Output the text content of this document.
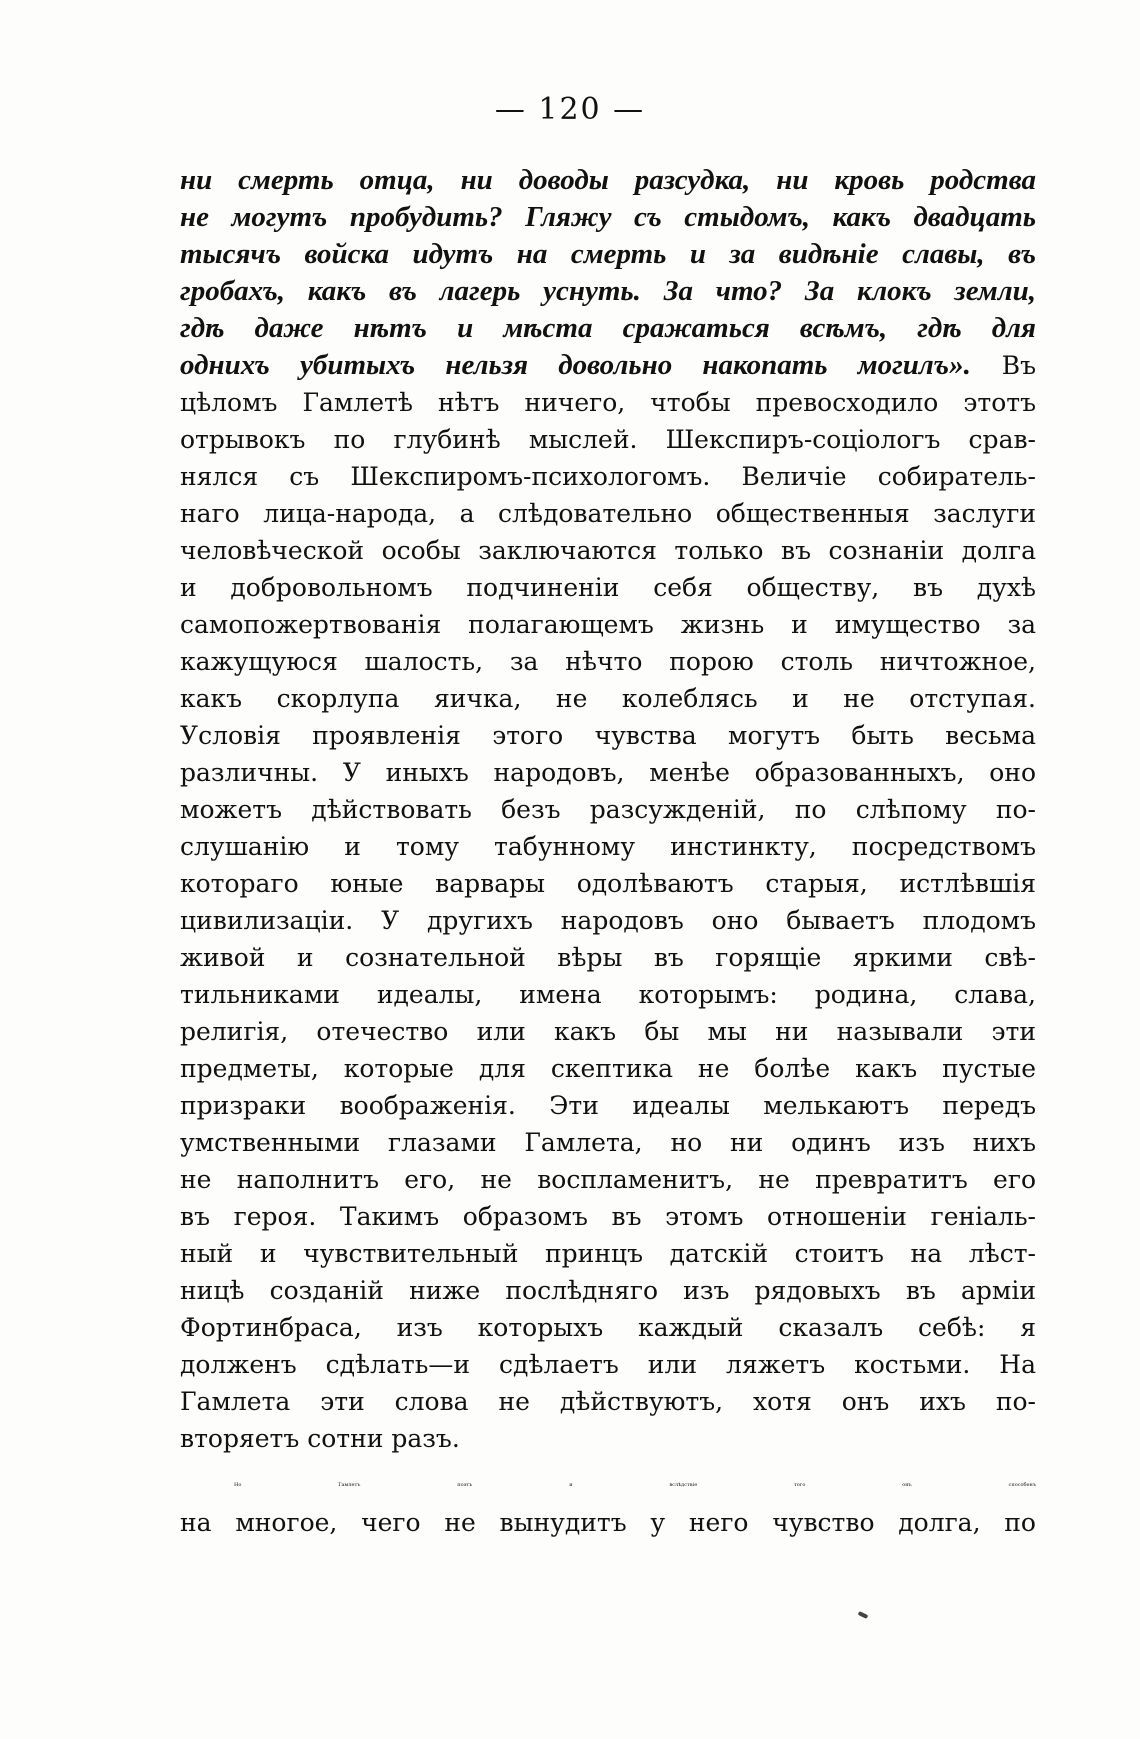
— 120 —
ни смерть отца, ни доводы разсудка, ни кровь родства
не могутъ пробудить? Гляжу съ стыдомъ, какъ двадцать
тысячъ войска идутъ на смерть и за видѣніе славы, въ
гробахъ, какъ въ лагерь уснуть. За что? За клокъ земли,
гдѣ даже нѣтъ и мѣста сражаться всѣмъ, гдѣ для
однихъ убитыхъ нельзя довольно накопать могилъ». Въ
цѣломъ Гамлетѣ нѣтъ ничего, чтобы превосходило этотъ
отрывокъ по глубинѣ мыслей. Шекспиръ-соціологъ срав-
нялся съ Шекспиромъ-психологомъ. Величіе собиратель-
наго лица-народа, а слѣдовательно общественныя заслуги
человѣческой особы заключаются только въ сознаніи долга
и добровольномъ подчиненіи себя обществу, въ духѣ
самопожертвованія полагающемъ жизнь и имущество за
кажущуюся шалость, за нѣчто порою столь ничтожное,
какъ скорлупа яичка, не колеблясь и не отступая.
Условія проявленія этого чувства могутъ быть весьма
различны. У иныхъ народовъ, менѣе образованныхъ, оно
можетъ дѣйствовать безъ разсужденій, по слѣпому по-
слушанію и тому табунному инстинкту, посредствомъ
котораго юные варвары одолѣваютъ старыя, истлѣвшія
цивилизаціи. У другихъ народовъ оно бываетъ плодомъ
живой и сознательной вѣры въ горящіе яркими свѣ-
тильниками идеалы, имена которымъ: родина, слава,
религія, отечество или какъ бы мы ни называли эти
предметы, которые для скептика не болѣе какъ пустые
призраки воображенія. Эти идеалы мелькаютъ передъ
умственными глазами Гамлета, но ни одинъ изъ нихъ
не наполнитъ его, не воспламенитъ, не превратитъ его
въ героя. Такимъ образомъ въ этомъ отношеніи геніаль-
ный и чувствительный принцъ датскій стоитъ на лѣст-
ницѣ созданій ниже послѣдняго изъ рядовыхъ въ арміи
Фортинбраса, изъ которыхъ каждый сказалъ себѣ: я
долженъ сдѣлать—и сдѣлаетъ или ляжетъ костьми. На
Гамлета эти слова не дѣйствуютъ, хотя онъ ихъ по-
вторяетъ сотни разъ.
Но Гамлетъ поэтъ и вслѣдствіе того онъ способенъ
на многое, чего не вынудитъ у него чувство долга, по
